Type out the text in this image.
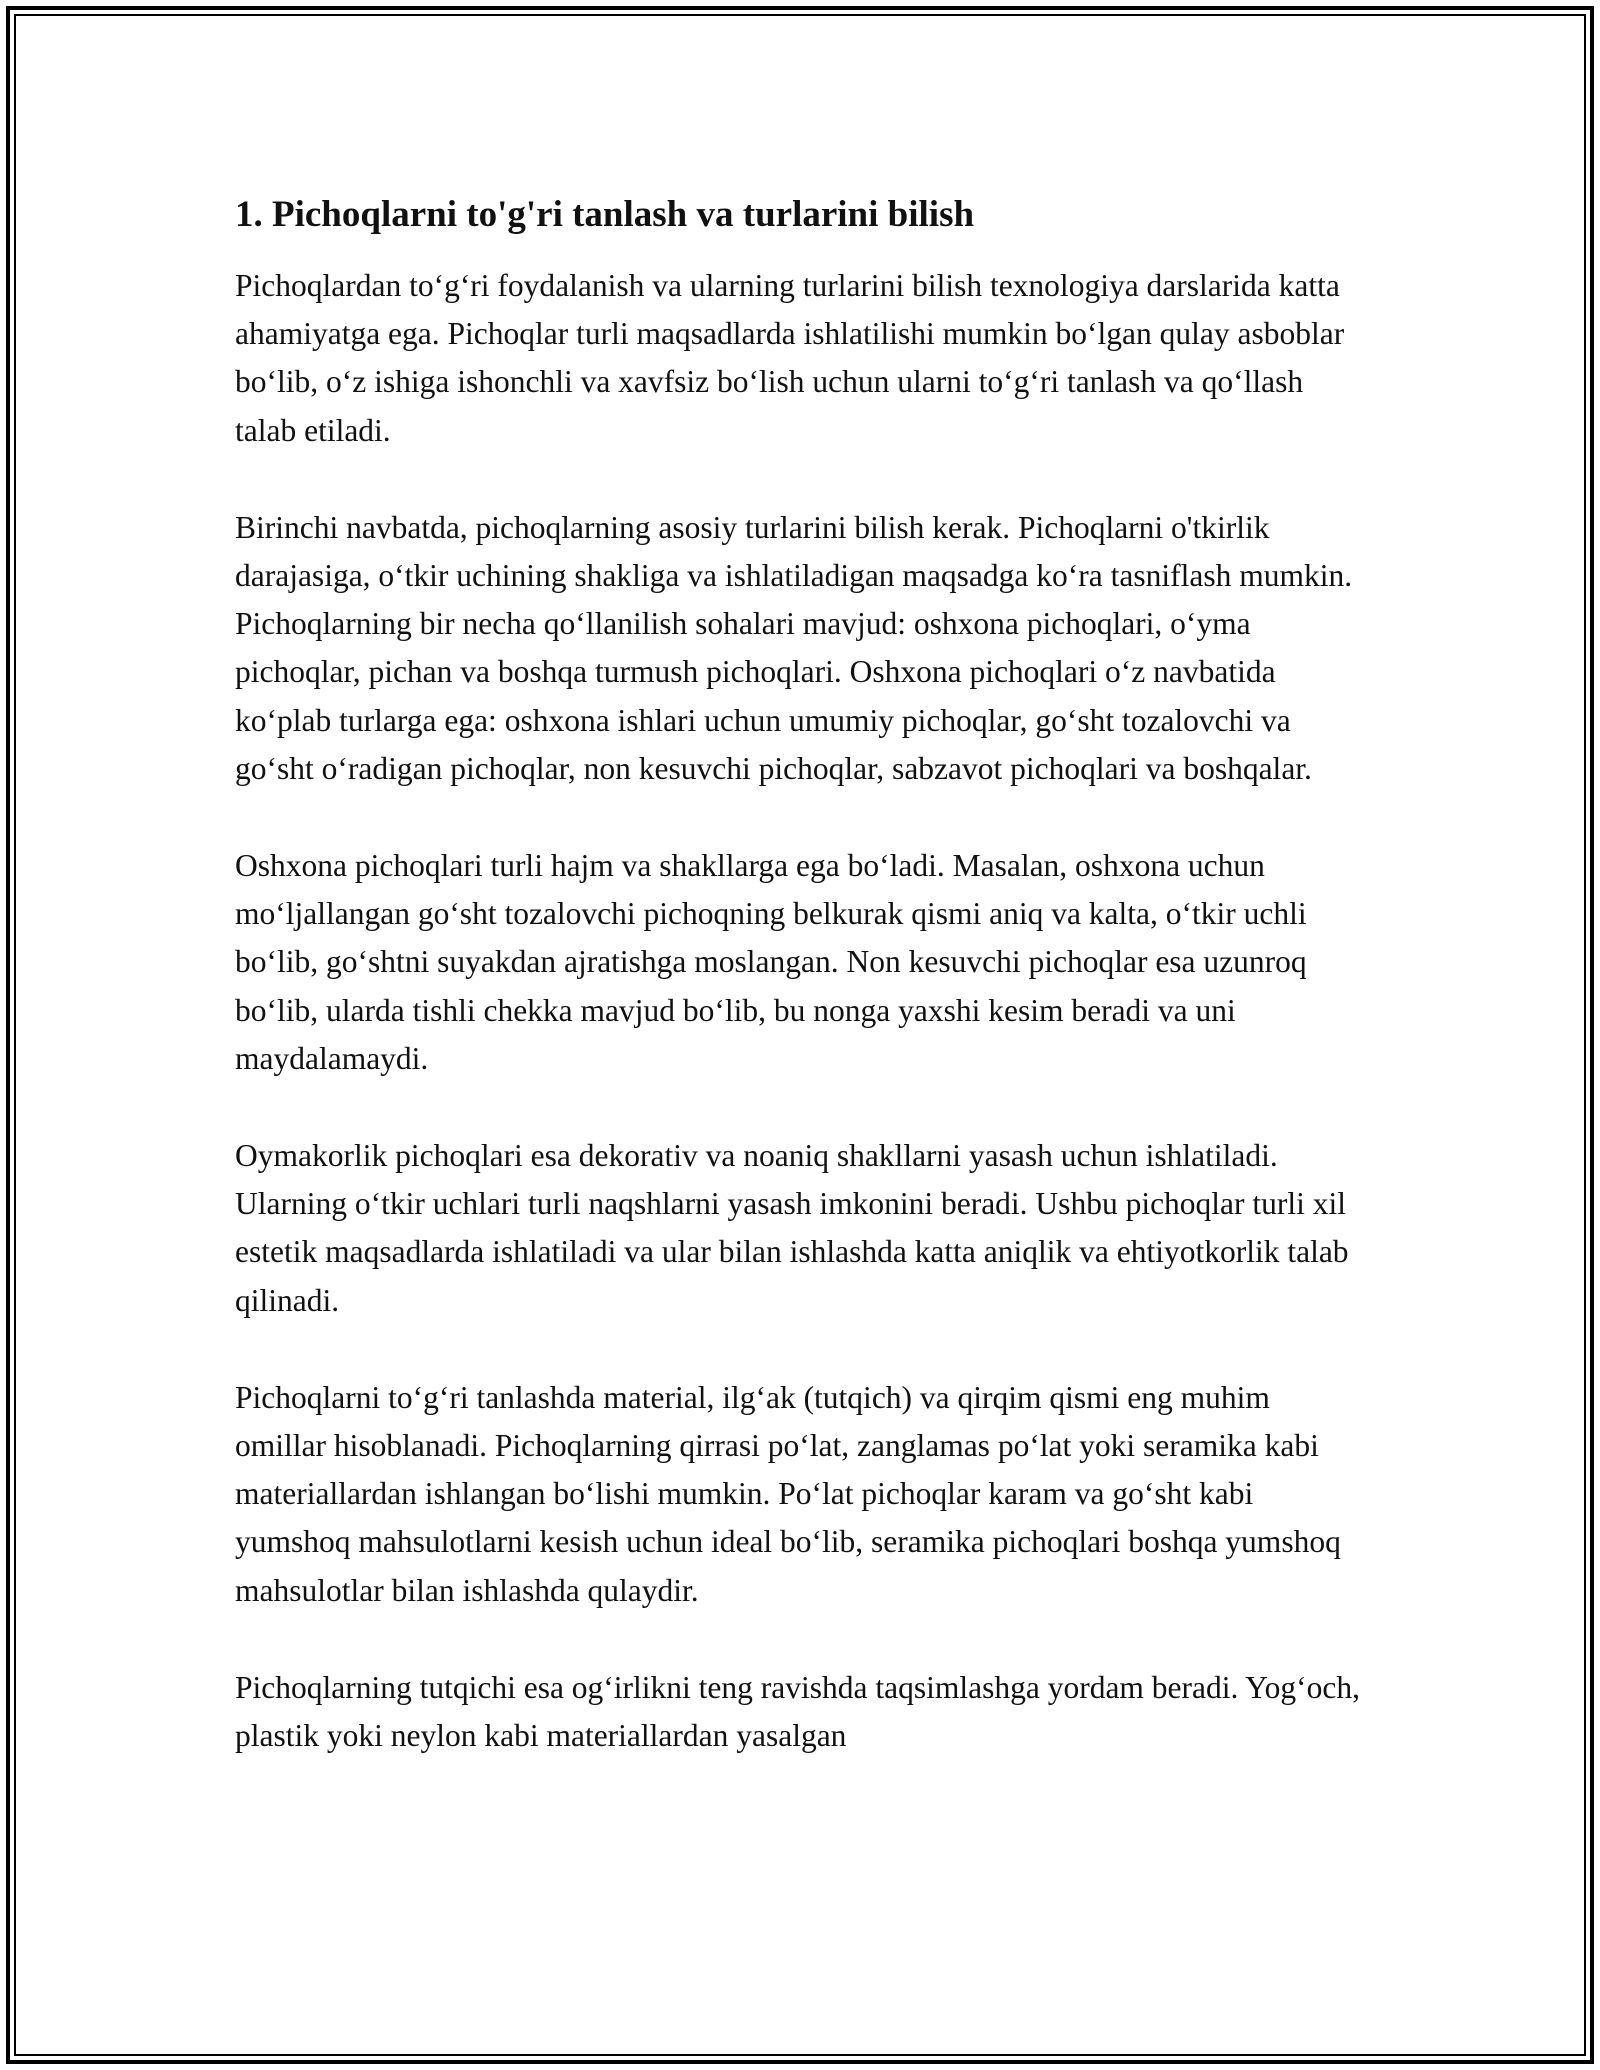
1. Pichoqlarni to'g'ri tanlash va turlarini bilish

Pichoqlardan to‘g‘ri foydalanish va ularning turlarini bilish texnologiya darslarida katta ahamiyatga ega. Pichoqlar turli maqsadlarda ishlatilishi mumkin bo‘lgan qulay asboblar bo‘lib, o‘z ishiga ishonchli va xavfsiz bo‘lish uchun ularni to‘g‘ri tanlash va qo‘llash talab etiladi.

Birinchi navbatda, pichoqlarning asosiy turlarini bilish kerak. Pichoqlarni o'tkirlik darajasiga, o‘tkir uchining shakliga va ishlatiladigan maqsadga ko‘ra tasniflash mumkin. Pichoqlarning bir necha qo‘llanilish sohalari mavjud: oshxona pichoqlari, o‘yma pichoqlar, pichan va boshqa turmush pichoqlari. Oshxona pichoqlari o‘z navbatida ko‘plab turlarga ega: oshxona ishlari uchun umumiy pichoqlar, go‘sht tozalovchi va go‘sht o‘radigan pichoqlar, non kesuvchi pichoqlar, sabzavot pichoqlari va boshqalar.

Oshxona pichoqlari turli hajm va shakllarga ega bo‘ladi. Masalan, oshxona uchun mo‘ljallangan go‘sht tozalovchi pichoqning belkurak qismi aniq va kalta, o‘tkir uchli bo‘lib, go‘shtni suyakdan ajratishga moslangan. Non kesuvchi pichoqlar esa uzunroq bo‘lib, ularda tishli chekka mavjud bo‘lib, bu nonga yaxshi kesim beradi va uni maydalamaydi.

Oymakorlik pichoqlari esa dekorativ va noaniq shakllarni yasash uchun ishlatiladi. Ularning o‘tkir uchlari turli naqshlarni yasash imkonini beradi. Ushbu pichoqlar turli xil estetik maqsadlarda ishlatiladi va ular bilan ishlashda katta aniqlik va ehtiyotkorlik talab qilinadi.

Pichoqlarni to‘g‘ri tanlashda material, ilg‘ak (tutqich) va qirqim qismi eng muhim omillar hisoblanadi. Pichoqlarning qirrasi po‘lat, zanglamas po‘lat yoki seramika kabi materiallardan ishlangan bo‘lishi mumkin. Po‘lat pichoqlar karam va go‘sht kabi yumshoq mahsulotlarni kesish uchun ideal bo‘lib, seramika pichoqlari boshqa yumshoq mahsulotlar bilan ishlashda qulaydir.

Pichoqlarning tutqichi esa og‘irlikni teng ravishda taqsimlashga yordam beradi. Yog‘och, plastik yoki neylon kabi materiallardan yasalgan
